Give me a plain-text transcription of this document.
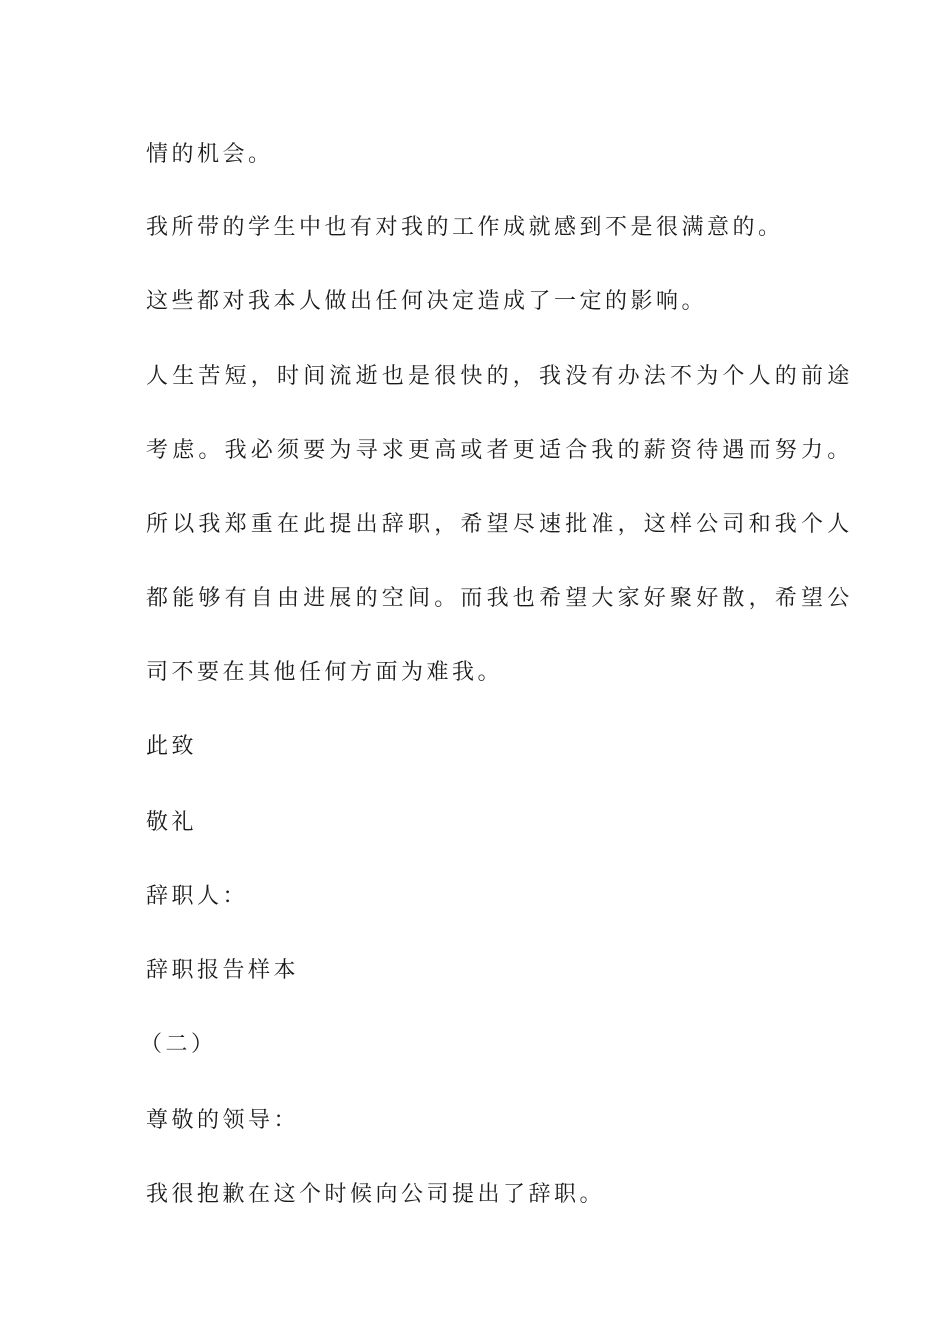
情的机会。

我所带的学生中也有对我的工作成就感到不是很满意的。

这些都对我本人做出任何决定造成了一定的影响。

人生苦短，时间流逝也是很快的，我没有办法不为个人的前途

考虑。我必须要为寻求更高或者更适合我的薪资待遇而努力。

所以我郑重在此提出辞职，希望尽速批准，这样公司和我个人

都能够有自由进展的空间。而我也希望大家好聚好散，希望公

司不要在其他任何方面为难我。

此致

敬礼

辞职人：

辞职报告样本

（二）

尊敬的领导：

我很抱歉在这个时候向公司提出了辞职。
